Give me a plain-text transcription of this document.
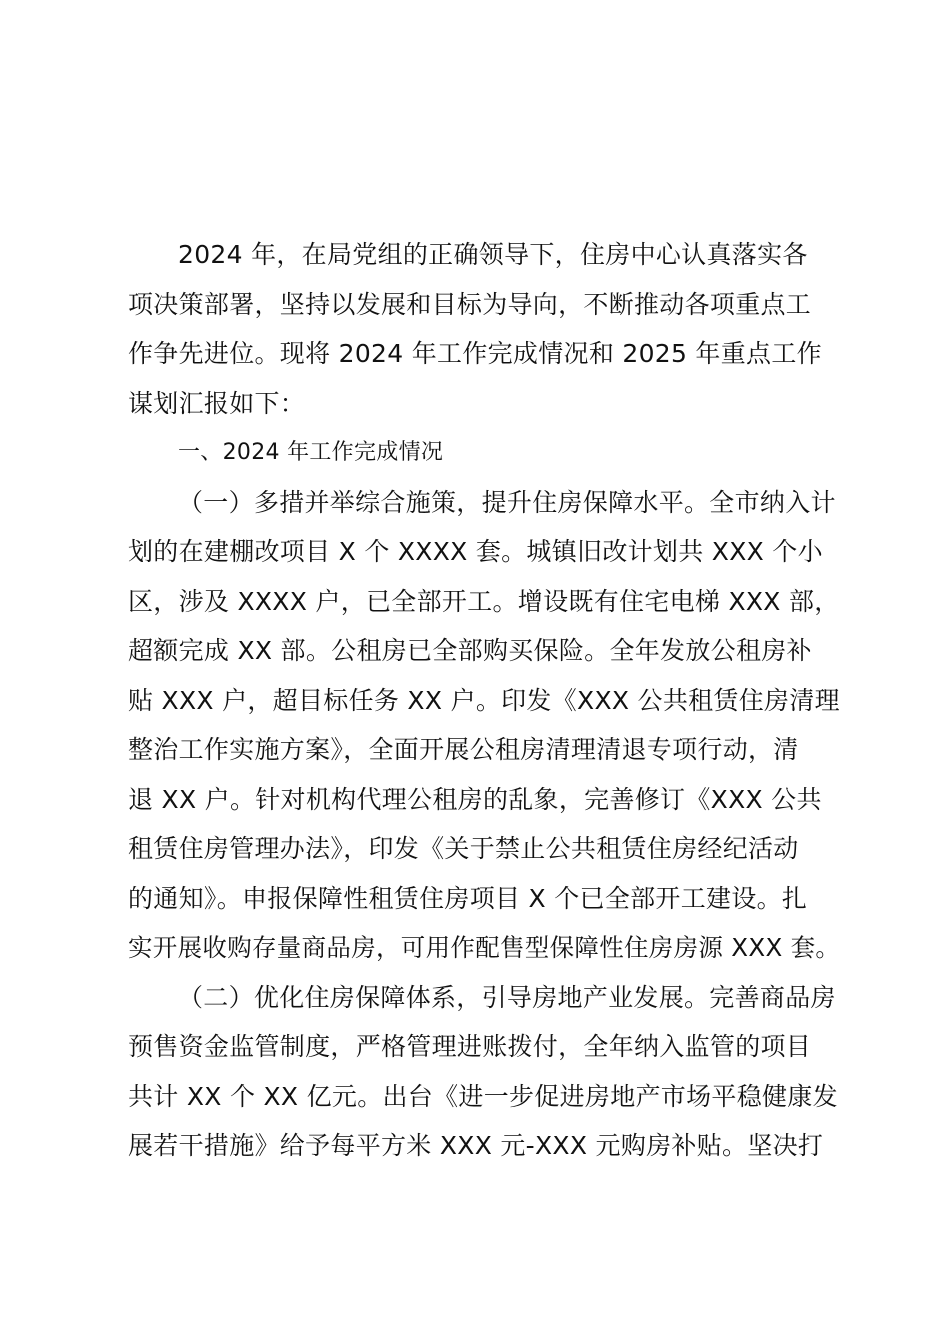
2024 年，在局党组的正确领导下，住房中心认真落实各
项决策部署，坚持以发展和目标为导向，不断推动各项重点工
作争先进位。现将 2024 年工作完成情况和 2025 年重点工作
谋划汇报如下：
一、2024 年工作完成情况
（一）多措并举综合施策，提升住房保障水平。全市纳入计
划的在建棚改项目 X 个 XXXX 套。城镇旧改计划共 XXX 个小
区，涉及 XXXX 户，已全部开工。增设既有住宅电梯 XXX 部，
超额完成 XX 部。公租房已全部购买保险。全年发放公租房补
贴 XXX 户，超目标任务 XX 户。印发《XXX 公共租赁住房清理
整治工作实施方案》，全面开展公租房清理清退专项行动，清
退 XX 户。针对机构代理公租房的乱象，完善修订《XXX 公共
租赁住房管理办法》，印发《关于禁止公共租赁住房经纪活动
的通知》。申报保障性租赁住房项目 X 个已全部开工建设。扎
实开展收购存量商品房，可用作配售型保障性住房房源 XXX 套。
（二）优化住房保障体系，引导房地产业发展。完善商品房
预售资金监管制度，严格管理进账拨付，全年纳入监管的项目
共计 XX 个 XX 亿元。出台《进一步促进房地产市场平稳健康发
展若干措施》给予每平方米 XXX 元-XXX 元购房补贴。坚决打
